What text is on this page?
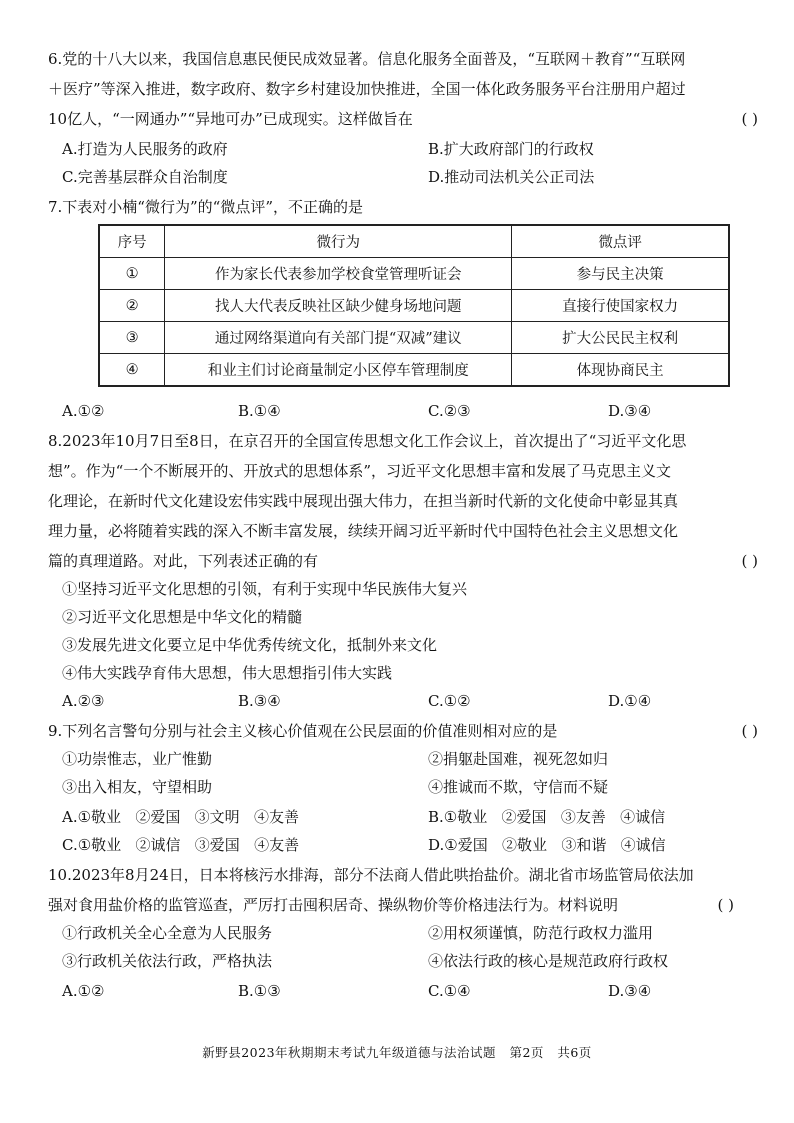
6.党的十八大以来，我国信息惠民便民成效显著。信息化服务全面普及，“互联网＋教育”“互联网
＋医疗”等深入推进，数字政府、数字乡村建设加快推进，全国一体化政务服务平台注册用户超过
10亿人，“一网通办”“异地可办”已成现实。这样做旨在	( )
A.打造为人民服务的政府	B.扩大政府部门的行政权
C.完善基层群众自治制度	D.推动司法机关公正司法
7.下表对小楠“微行为”的“微点评”，不正确的是
序号	微行为	微点评
①	作为家长代表参加学校食堂管理听证会	参与民主决策
②	找人大代表反映社区缺少健身场地问题	直接行使国家权力
③	通过网络渠道向有关部门提“双减”建议	扩大公民民主权利
④	和业主们讨论商量制定小区停车管理制度	体现协商民主
A.①②	B.①④	C.②③	D.③④
8.2023年10月7日至8日，在京召开的全国宣传思想文化工作会议上，首次提出了“习近平文化思
想”。作为“一个不断展开的、开放式的思想体系”，习近平文化思想丰富和发展了马克思主义文
化理论，在新时代文化建设宏伟实践中展现出强大伟力，在担当新时代新的文化使命中彰显其真
理力量，必将随着实践的深入不断丰富发展，续续开阔习近平新时代中国特色社会主义思想文化
篇的真理道路。对此，下列表述正确的有	( )
①坚持习近平文化思想的引领，有利于实现中华民族伟大复兴
②习近平文化思想是中华文化的精髓
③发展先进文化要立足中华优秀传统文化，抵制外来文化
④伟大实践孕育伟大思想，伟大思想指引伟大实践
A.②③	B.③④	C.①②	D.①④
9.下列名言警句分别与社会主义核心价值观在公民层面的价值准则相对应的是	( )
①功崇惟志，业广惟勤	②捐躯赴国难，视死忽如归
③出入相友，守望相助	④推诚而不欺，守信而不疑
A.①敬业   ②爱国   ③文明   ④友善	B.①敬业   ②爱国   ③友善   ④诚信
C.①敬业   ②诚信   ③爱国   ④友善	D.①爱国   ②敬业   ③和谐   ④诚信
10.2023年8月24日，日本将核污水排海，部分不法商人借此哄抬盐价。湖北省市场监管局依法加
强对食用盐价格的监管巡查，严厉打击囤积居奇、操纵物价等价格违法行为。材料说明	( )
①行政机关全心全意为人民服务	②用权须谨慎，防范行政权力滥用
③行政机关依法行政，严格执法	④依法行政的核心是规范政府行政权
A.①②	B.①③	C.①④	D.③④
新野县2023年秋期期末考试九年级道德与法治试题   第2页   共6页
